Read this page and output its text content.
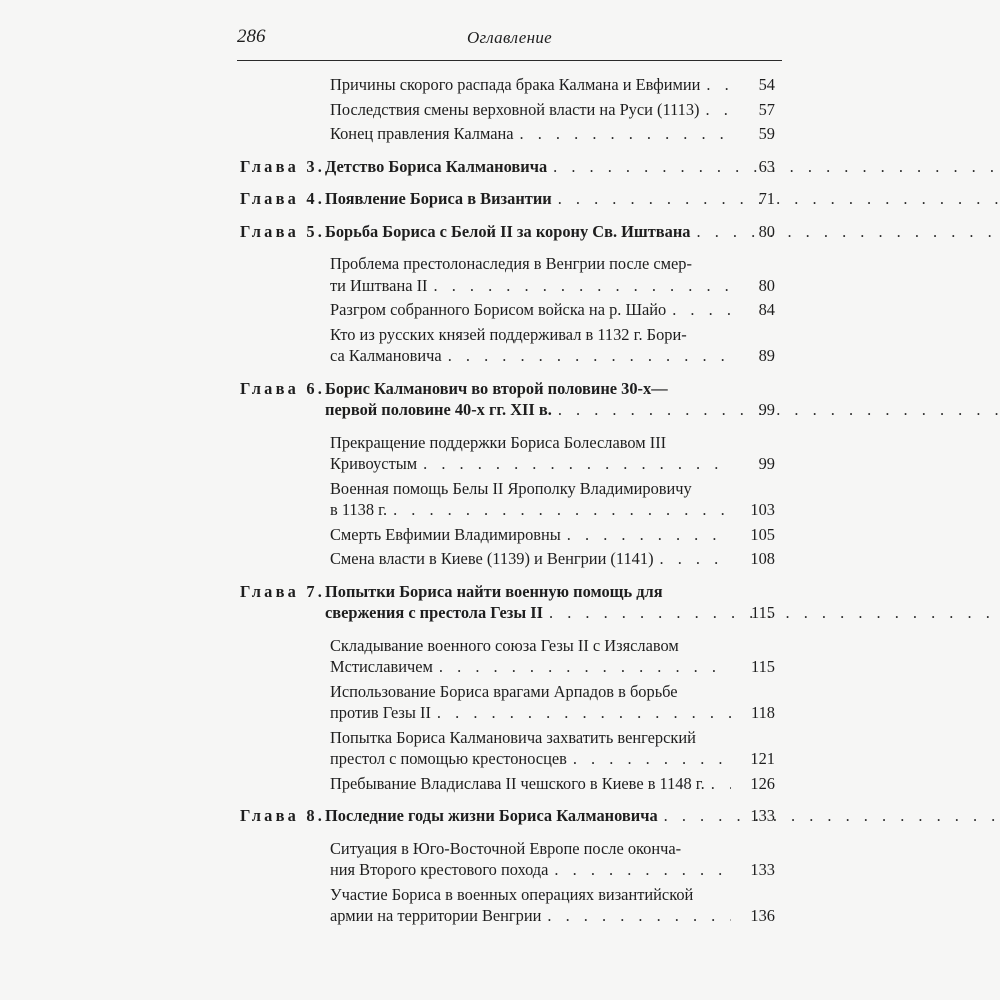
286	Оглавление
Причины скорого распада брака Калмана и Евфимии . . .	54
Последствия смены верховной власти на Руси (1113) . . .	57
Конец правления Калмана . . .	59
Глава 3. Детство Бориса Калмановича . . .	63
Глава 4. Появление Бориса в Византии . . .	71
Глава 5. Борьба Бориса с Белой II за корону Св. Иштвана . . .	80
Проблема престолонаследия в Венгрии после смер-
ти Иштвана II . . .	80
Разгром собранного Борисом войска на р. Шайо . . .	84
Кто из русских князей поддерживал в 1132 г. Бори-
са Калмановича . . .	89
Глава 6. Борис Калманович во второй половине 30-х—
первой половине 40-х гг. XII в. . . .	99
Прекращение поддержки Бориса Болеславом III
Кривоустым . . .	99
Военная помощь Белы II Ярополку Владимировичу
в 1138 г. . . .	103
Смерть Евфимии Владимировны . . .	105
Смена власти в Киеве (1139) и Венгрии (1141) . . .	108
Глава 7. Попытки Бориса найти военную помощь для
свержения с престола Гезы II . . .	115
Складывание военного союза Гезы II с Изяславом
Мстиславичем . . .	115
Использование Бориса врагами Арпадов в борьбе
против Гезы II . . .	118
Попытка Бориса Калмановича захватить венгерский
престол с помощью крестоносцев . . .	121
Пребывание Владислава II чешского в Киеве в 1148 г. . . .	126
Глава 8. Последние годы жизни Бориса Калмановича . . .	133
Ситуация в Юго-Восточной Европе после оконча-
ния Второго крестового похода . . .	133
Участие Бориса в военных операциях византийской
армии на территории Венгрии . . .	136
